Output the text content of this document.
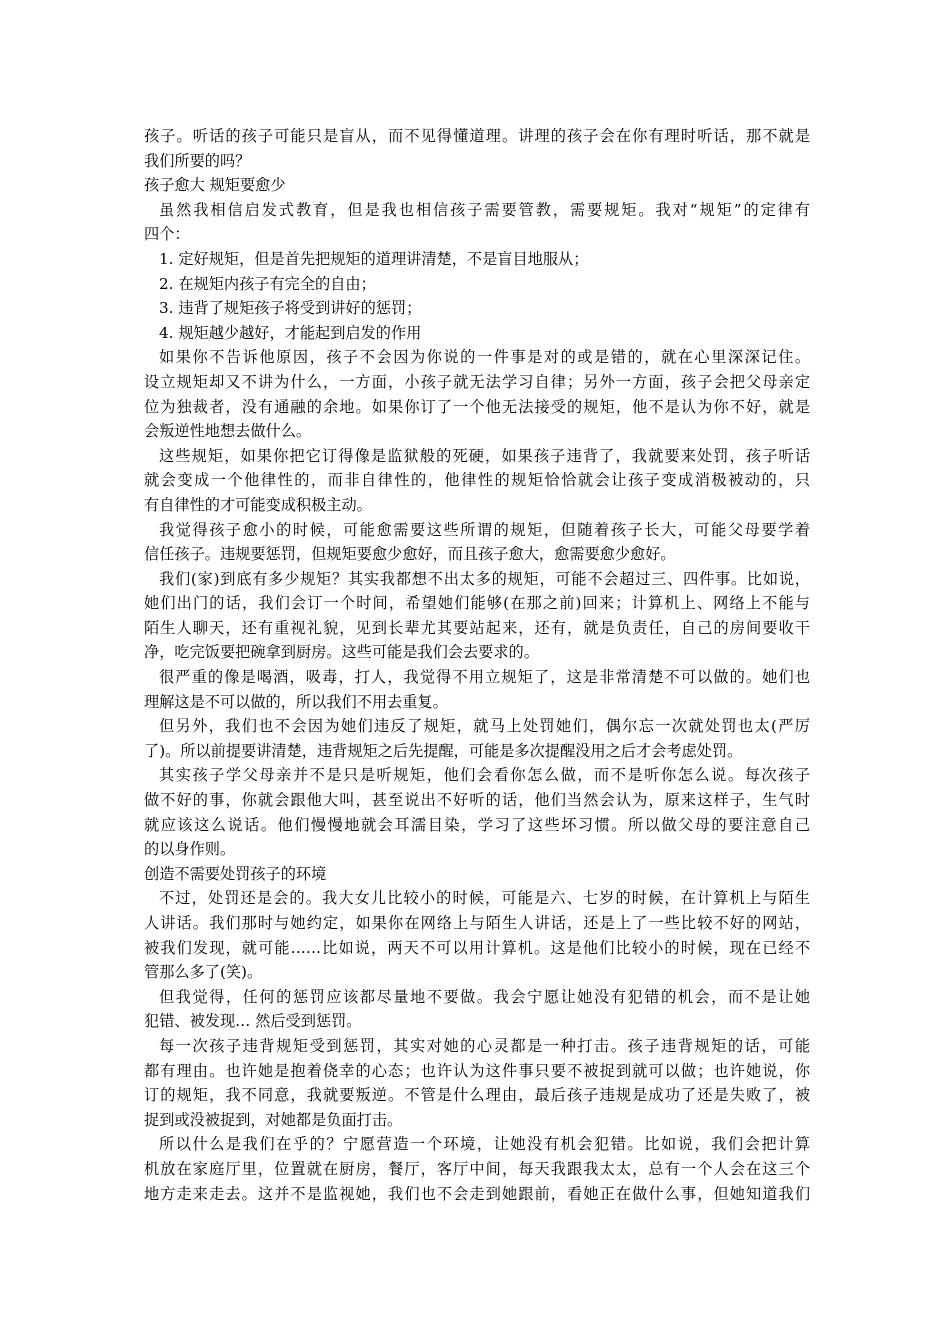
孩子。听话的孩子可能只是盲从，而不见得懂道理。讲理的孩子会在你有理时听话，那不就是
我们所要的吗？
孩子愈大 规矩要愈少
虽然我相信启发式教育，但是我也相信孩子需要管教，需要规矩。我对“规矩”的定律有
四个：
1. 定好规矩，但是首先把规矩的道理讲清楚，不是盲目地服从；
2. 在规矩内孩子有完全的自由；
3. 违背了规矩孩子将受到讲好的惩罚；
4. 规矩越少越好，才能起到启发的作用
如果你不告诉他原因，孩子不会因为你说的一件事是对的或是错的，就在心里深深记住。
设立规矩却又不讲为什么，一方面，小孩子就无法学习自律；另外一方面，孩子会把父母亲定
位为独裁者，没有通融的余地。如果你订了一个他无法接受的规矩，他不是认为你不好，就是
会叛逆性地想去做什么。
这些规矩，如果你把它订得像是监狱般的死硬，如果孩子违背了，我就要来处罚，孩子听话
就会变成一个他律性的，而非自律性的，他律性的规矩恰恰就会让孩子变成消极被动的，只
有自律性的才可能变成积极主动。
我觉得孩子愈小的时候，可能愈需要这些所谓的规矩，但随着孩子长大，可能父母要学着
信任孩子。违规要惩罚，但规矩要愈少愈好，而且孩子愈大，愈需要愈少愈好。
我们(家)到底有多少规矩？其实我都想不出太多的规矩，可能不会超过三、四件事。比如说，
她们出门的话，我们会订一个时间，希望她们能够(在那之前)回来；计算机上、网络上不能与
陌生人聊天，还有重视礼貌，见到长辈尤其要站起来，还有，就是负责任，自己的房间要收干
净，吃完饭要把碗拿到厨房。这些可能是我们会去要求的。
很严重的像是喝酒，吸毒，打人，我觉得不用立规矩了，这是非常清楚不可以做的。她们也
理解这是不可以做的，所以我们不用去重复。
但另外，我们也不会因为她们违反了规矩，就马上处罚她们，偶尔忘一次就处罚也太(严厉
了)。所以前提要讲清楚，违背规矩之后先提醒，可能是多次提醒没用之后才会考虑处罚。
其实孩子学父母亲并不是只是听规矩，他们会看你怎么做，而不是听你怎么说。每次孩子
做不好的事，你就会跟他大叫，甚至说出不好听的话，他们当然会认为，原来这样子，生气时
就应该这么说话。他们慢慢地就会耳濡目染，学习了这些坏习惯。所以做父母的要注意自己
的以身作则。
创造不需要处罚孩子的环境
不过，处罚还是会的。我大女儿比较小的时候，可能是六、七岁的时候，在计算机上与陌生
人讲话。我们那时与她约定，如果你在网络上与陌生人讲话，还是上了一些比较不好的网站，
被我们发现，就可能……比如说，两天不可以用计算机。这是他们比较小的时候，现在已经不
管那么多了(笑)。
但我觉得，任何的惩罚应该都尽量地不要做。我会宁愿让她没有犯错的机会，而不是让她
犯错、被发现… 然后受到惩罚。
每一次孩子违背规矩受到惩罚，其实对她的心灵都是一种打击。孩子违背规矩的话，可能
都有理由。也许她是抱着侥幸的心态；也许认为这件事只要不被捉到就可以做；也许她说，你
订的规矩，我不同意，我就要叛逆。不管是什么理由，最后孩子违规是成功了还是失败了，被
捉到或没被捉到，对她都是负面打击。
所以什么是我们在乎的？宁愿营造一个环境，让她没有机会犯错。比如说，我们会把计算
机放在家庭厅里，位置就在厨房，餐厅，客厅中间，每天我跟我太太，总有一个人会在这三个
地方走来走去。这并不是监视她，我们也不会走到她跟前，看她正在做什么事，但她知道我们
